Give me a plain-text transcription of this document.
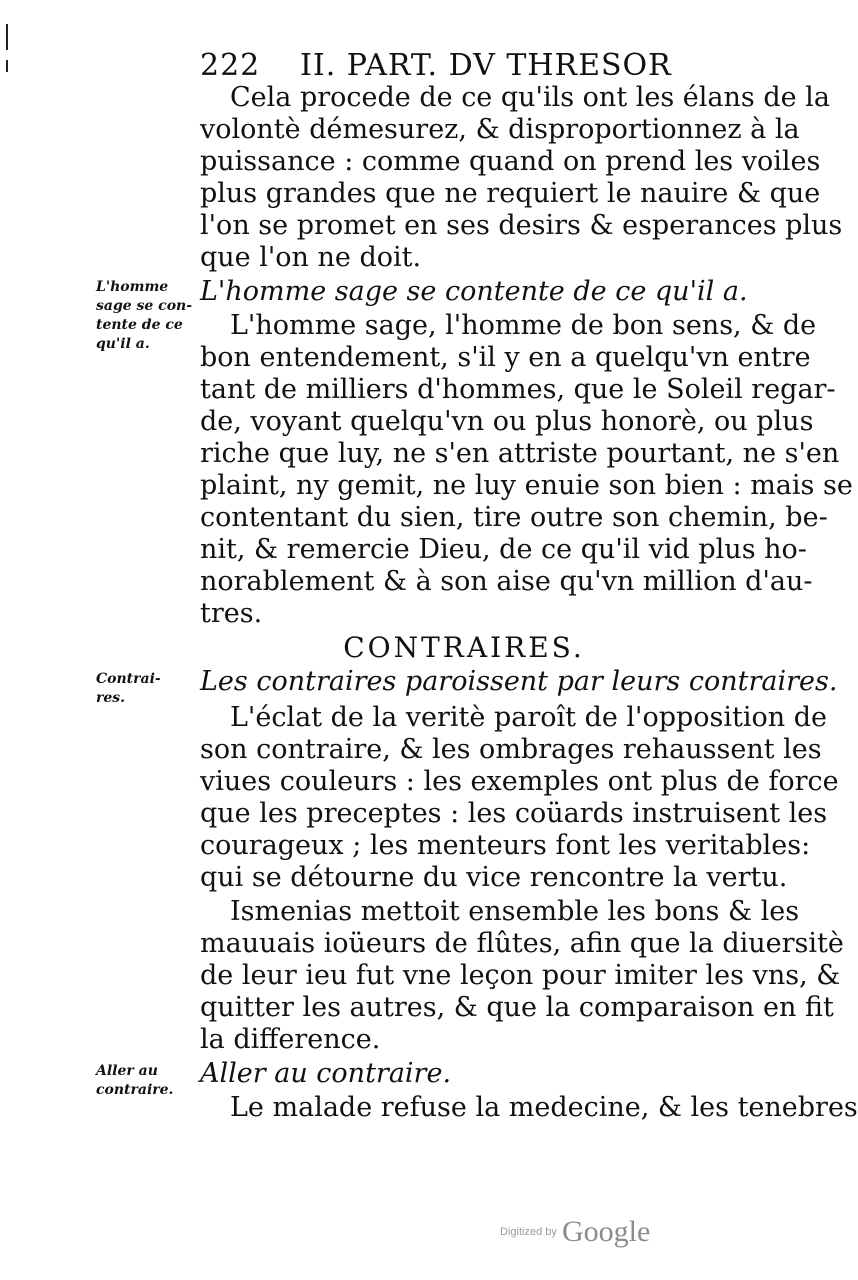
222 II. PART. DV THRESOR
Cela procede de ce qu'ils ont les élans de la
volontè démesurez, & disproportionnez à la
puissance : comme quand on prend les voiles
plus grandes que ne requiert le nauire & que
l'on se promet en ses desirs & esperances plus
que l'on ne doit.
L'homme
sage se con-
tente de ce
qu'il a.
L'homme sage se contente de ce qu'il a.
L'homme sage, l'homme de bon sens, & de
bon entendement, s'il y en a quelqu'vn entre
tant de milliers d'hommes, que le Soleil regar-
de, voyant quelqu'vn ou plus honorè, ou plus
riche que luy, ne s'en attriste pourtant, ne s'en
plaint, ny gemit, ne luy enuie son bien : mais se
contentant du sien, tire outre son chemin, be-
nit, & remercie Dieu, de ce qu'il vid plus ho-
norablement & à son aise qu'vn million d'au-
tres.
CONTRAIRES.
Contrai-
res.
Les contraires paroissent par leurs contraires.
L'éclat de la veritè paroît de l'opposition de
son contraire, & les ombrages rehaussent les
viues couleurs : les exemples ont plus de force
que les preceptes : les coüards instruisent les
courageux ; les menteurs font les veritables:
qui se détourne du vice rencontre la vertu.
Ismenias mettoit ensemble les bons & les
mauuais ioüeurs de flûtes, afin que la diuersitè
de leur ieu fut vne leçon pour imiter les vns, &
quitter les autres, & que la comparaison en fit
la difference.
Aller au
contraire.
Aller au contraire.
Le malade refuse la medecine, & les tenebres
Digitized by Google
